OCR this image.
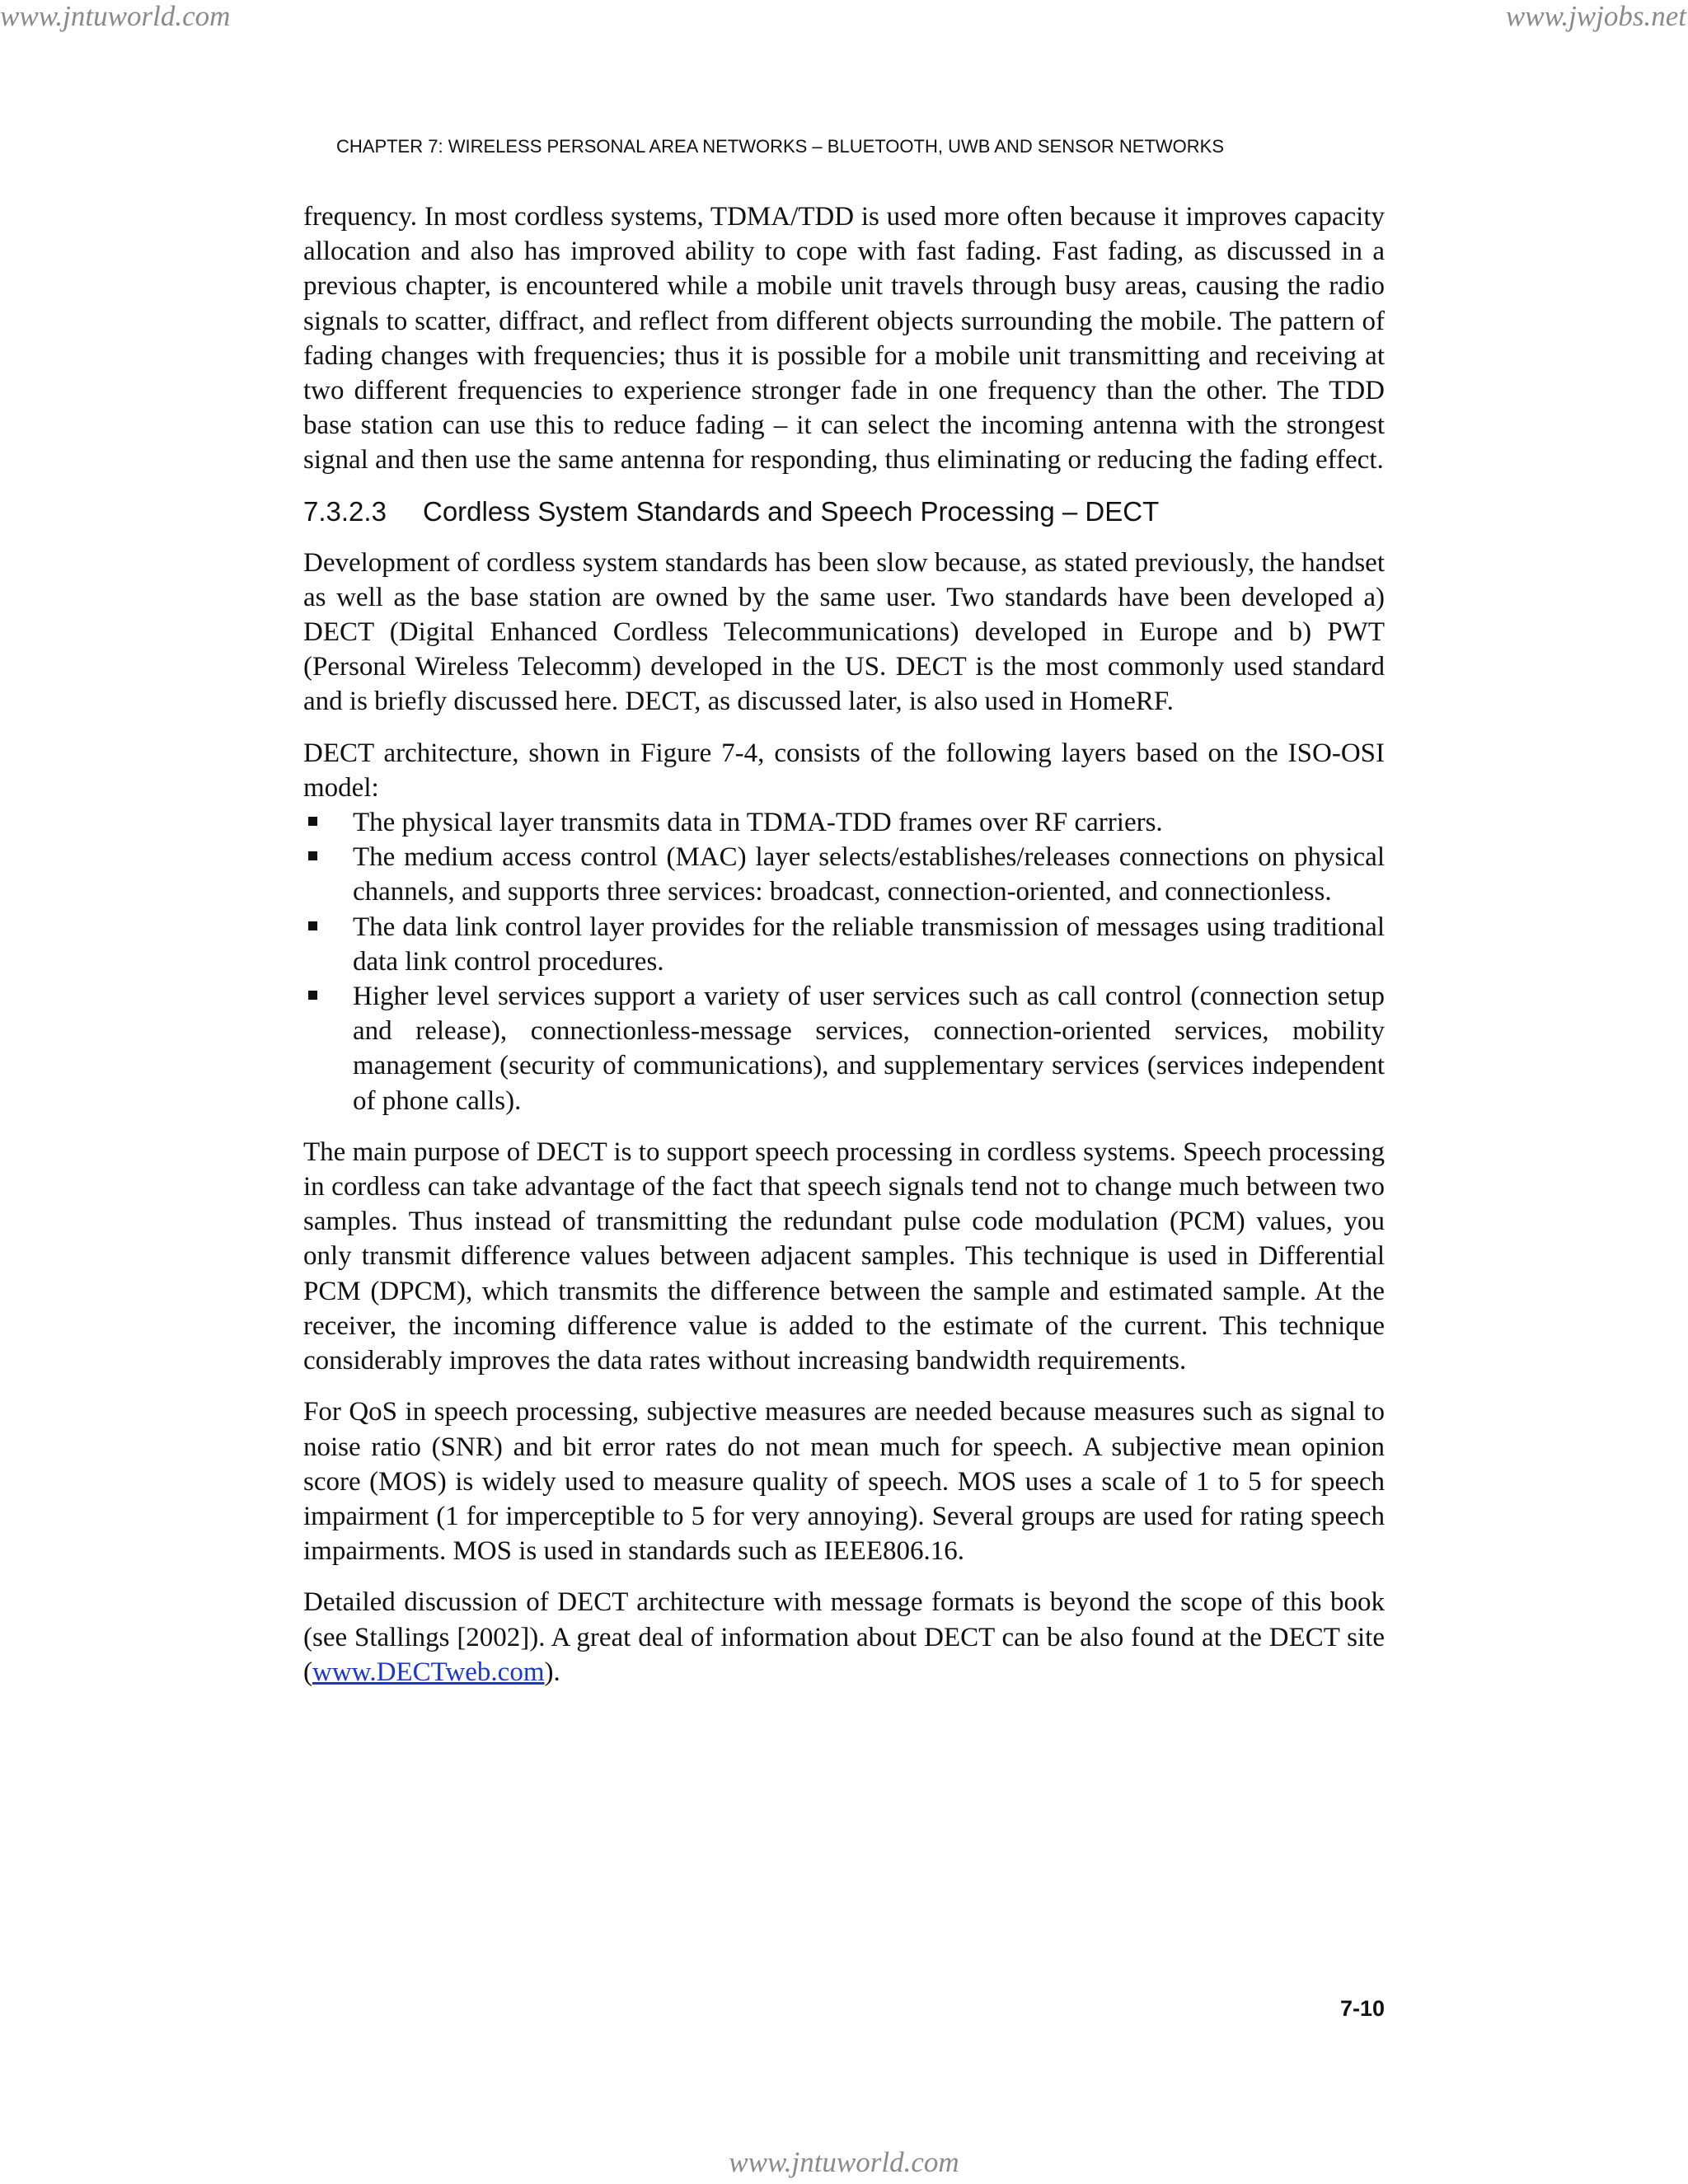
www.jntuworld.com	www.jwjobs.net

CHAPTER 7: WIRELESS PERSONAL AREA NETWORKS – BLUETOOTH, UWB AND SENSOR NETWORKS

frequency. In most cordless systems, TDMA/TDD is used more often because it improves capacity allocation and also has improved ability to cope with fast fading. Fast fading, as discussed in a previous chapter, is encountered while a mobile unit travels through busy areas, causing the radio signals to scatter, diffract, and reflect from different objects surrounding the mobile. The pattern of fading changes with frequencies; thus it is possible for a mobile unit transmitting and receiving at two different frequencies to experience stronger fade in one frequency than the other. The TDD base station can use this to reduce fading – it can select the incoming antenna with the strongest signal and then use the same antenna for responding, thus eliminating or reducing the fading effect.

7.3.2.3 Cordless System Standards and Speech Processing – DECT

Development of cordless system standards has been slow because, as stated previously, the handset as well as the base station are owned by the same user. Two standards have been developed a) DECT (Digital Enhanced Cordless Telecommunications) developed in Europe and b) PWT (Personal Wireless Telecomm) developed in the US. DECT is the most commonly used standard and is briefly discussed here. DECT, as discussed later, is also used in HomeRF.

DECT architecture, shown in Figure 7-4, consists of the following layers based on the ISO-OSI model:

The physical layer transmits data in TDMA-TDD frames over RF carriers.
The medium access control (MAC) layer selects/establishes/releases connections on physical channels, and supports three services: broadcast, connection-oriented, and connectionless.
The data link control layer provides for the reliable transmission of messages using traditional data link control procedures.
Higher level services support a variety of user services such as call control (connection setup and release), connectionless-message services, connection-oriented services, mobility management (security of communications), and supplementary services (services independent of phone calls).

The main purpose of DECT is to support speech processing in cordless systems. Speech processing in cordless can take advantage of the fact that speech signals tend not to change much between two samples. Thus instead of transmitting the redundant pulse code modulation (PCM) values, you only transmit difference values between adjacent samples. This technique is used in Differential PCM (DPCM), which transmits the difference between the sample and estimated sample. At the receiver, the incoming difference value is added to the estimate of the current. This technique considerably improves the data rates without increasing bandwidth requirements.

For QoS in speech processing, subjective measures are needed because measures such as signal to noise ratio (SNR) and bit error rates do not mean much for speech. A subjective mean opinion score (MOS) is widely used to measure quality of speech. MOS uses a scale of 1 to 5 for speech impairment (1 for imperceptible to 5 for very annoying). Several groups are used for rating speech impairments. MOS is used in standards such as IEEE806.16.

Detailed discussion of DECT architecture with message formats is beyond the scope of this book (see Stallings [2002]). A great deal of information about DECT can be also found at the DECT site (www.DECTweb.com).

7-10

www.jntuworld.com
